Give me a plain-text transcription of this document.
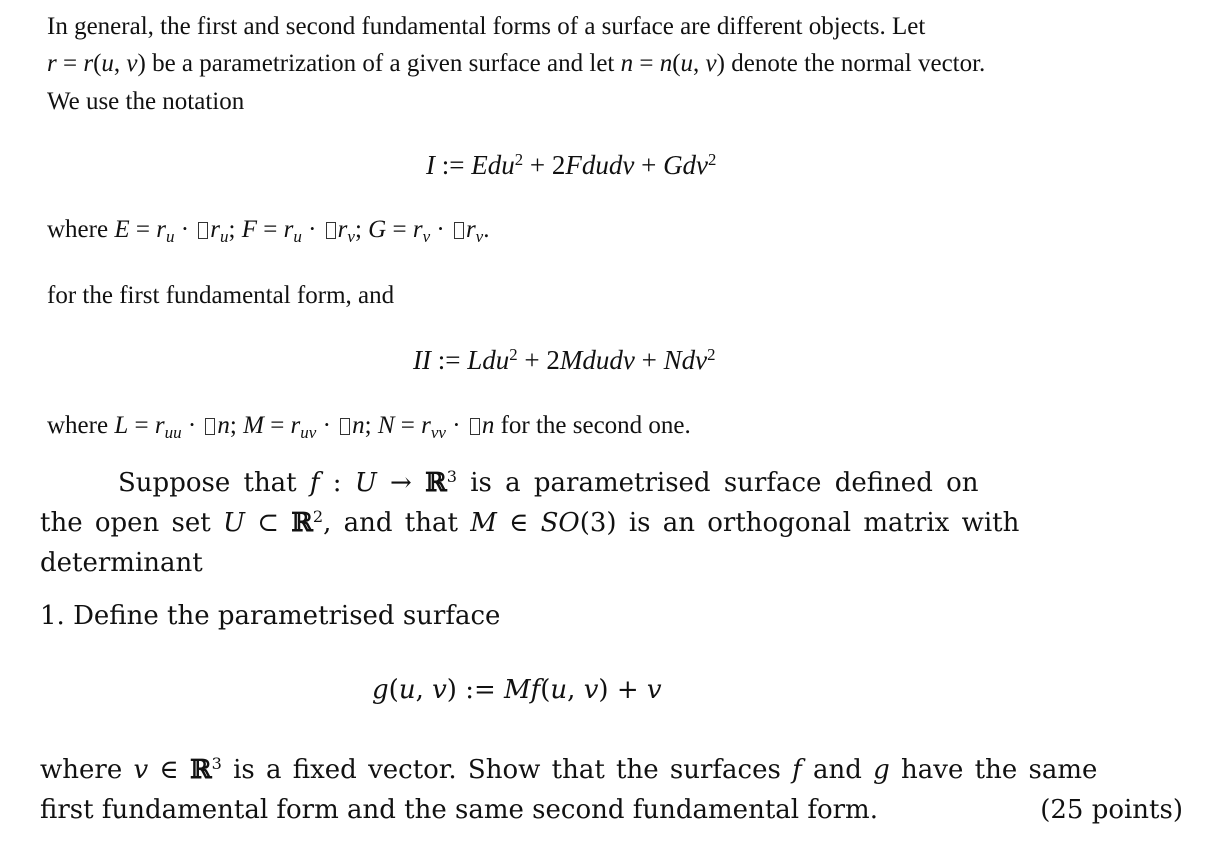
In general, the first and second fundamental forms of a surface are different objects. Let
r = r(u, v) be a parametrization of a given surface and let n = n(u, v) denote the normal vector.
We use the notation
I := Edu$^2$ + 2Fdudv + Gdv$^2$
where $E = r_u \cdot r_u$; $F = r_u \cdot r_v$; $G = r_v \cdot r_v$.
for the first fundamental form, and
II := Ldu$^2$ + 2Mdudv + Ndv$^2$
where $L = r_{uu} \cdot n$; $M = r_{uv} \cdot n$; $N = r_{vv} \cdot n$ for the second one.
Suppose that f : U → ℝ$^3$ is a parametrised surface defined on
the open set U ⊂ ℝ$^2$, and that M ∈ SO(3) is an orthogonal matrix with
determinant
1. Define the parametrised surface
g(u, v) := Mf(u, v) + v
where v ∈ ℝ$^3$ is a fixed vector. Show that the surfaces f and g have the same
first fundamental form and the same second fundamental form.	(25 points)
